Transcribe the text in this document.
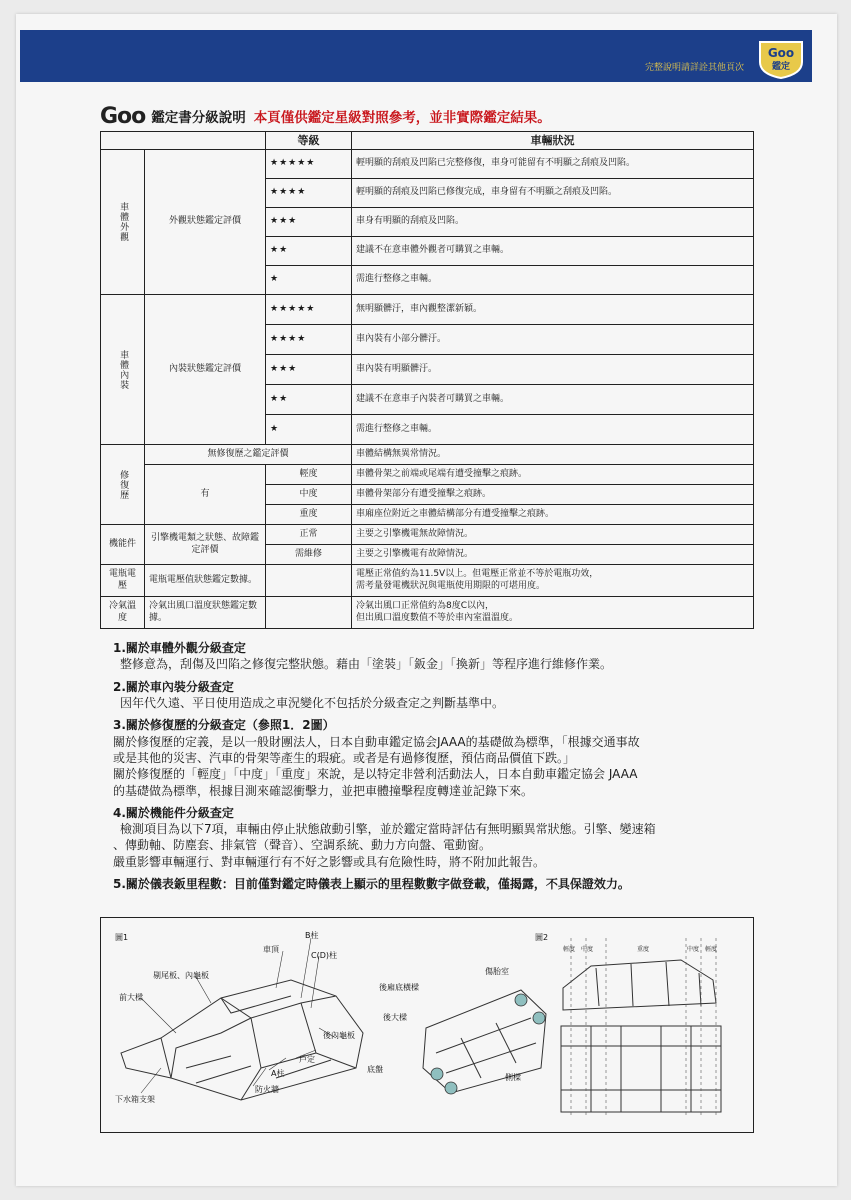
完整說明請詳詮其他頁次
Goo
鑑定
Goo 鑑定書分級說明 本頁僅供鑑定星級對照參考，並非實際鑑定結果。
		等級	車輛狀況
車體外觀	外觀狀態鑑定評價	★★★★★	輕明顯的刮痕及凹陷已完整修復，車身可能留有不明顯之刮痕及凹陷。
		★★★★	輕明顯的刮痕及凹陷已修復完成，車身留有不明顯之刮痕及凹陷。
		★★★	車身有明顯的刮痕及凹陷。
		★★	建議不在意車體外觀者可購買之車輛。
		★	需進行整修之車輛。
車體內裝	內裝狀態鑑定評價	★★★★★	無明顯髒汙，車內觀整潔新穎。
		★★★★	車內裝有小部分髒汙。
		★★★	車內裝有明顯髒汙。
		★★	建議不在意車子內裝者可購買之車輛。
		★	需進行整修之車輛。
修復歷	無修復歷之鑑定評價		車體結構無異常情況。
	有	輕度	車體骨架之前端或尾端有遭受撞擊之痕跡。
		中度	車體骨架部分有遭受撞擊之痕跡。
		重度	車廂座位附近之車體結構部分有遭受撞擊之痕跡。
機能件	引擎機電類之狀態、故障鑑定評價	正常	主要之引擎機電無故障情況。
		需維修	主要之引擎機電有故障情況。
電瓶電壓	電瓶電壓值狀態鑑定數據。		電壓正常值約為11.5V以上。但電壓正常並不等於電瓶功效，
需考量發電機狀況與電瓶使用期限的可堪用度。
冷氣溫度	冷氣出風口溫度狀態鑑定數據。		冷氣出風口正常值約為8度C以內，
但出風口溫度數值不等於車內室溫溫度。
1.關於車體外觀分級查定
整修意為，刮傷及凹陷之修復完整狀態。藉由「塗裝」「鈑金」「換新」等程序進行維修作業。
2.關於車內裝分級查定
因年代久遠、平日使用造成之車況變化不包括於分級查定之判斷基準中。
3.關於修復歷的分級查定（參照1．2圖）
關於修復歷的定義，是以一般財團法人，日本自動車鑑定協会JAAA的基礎做為標準，「根據交通事故
或是其他的災害、汽車的骨架等產生的瑕疵。或者是有過修復歷，預估商品價值下跌。」
關於修復歷的「輕度」「中度」「重度」來說，是以特定非營利活動法人，日本自動車鑑定協会 JAAA
的基礎做為標準，根據目測來確認衝擊力，並把車體撞擊程度轉達並記錄下來。
4.關於機能件分級查定
檢測項目為以下7項，車輛由停止狀態啟動引擎，並於鑑定當時評估有無明顯異常狀態。引擎、變速箱
、傳動軸、防塵套、排氣管（聲音）、空調系統、動力方向盤、電動窗。
嚴重影響車輛運行、對車輛運行有不好之影響或具有危險性時，將不附加此報告。
5.關於儀表鈑里程數：目前僅對鑑定時儀表上顯示的里程數數字做登載，僅揭露，不具保證效力。
圖1
車頂
B柱
C(D)柱
剔尾板、內龜板
前大樑
後內龜板
戶定
A柱
防火牆
下水箱支架
後廂底橫樑
後大樑
傷胎室
底盤
側樑
圖2
輕度 中度	重度	中度 輕度
